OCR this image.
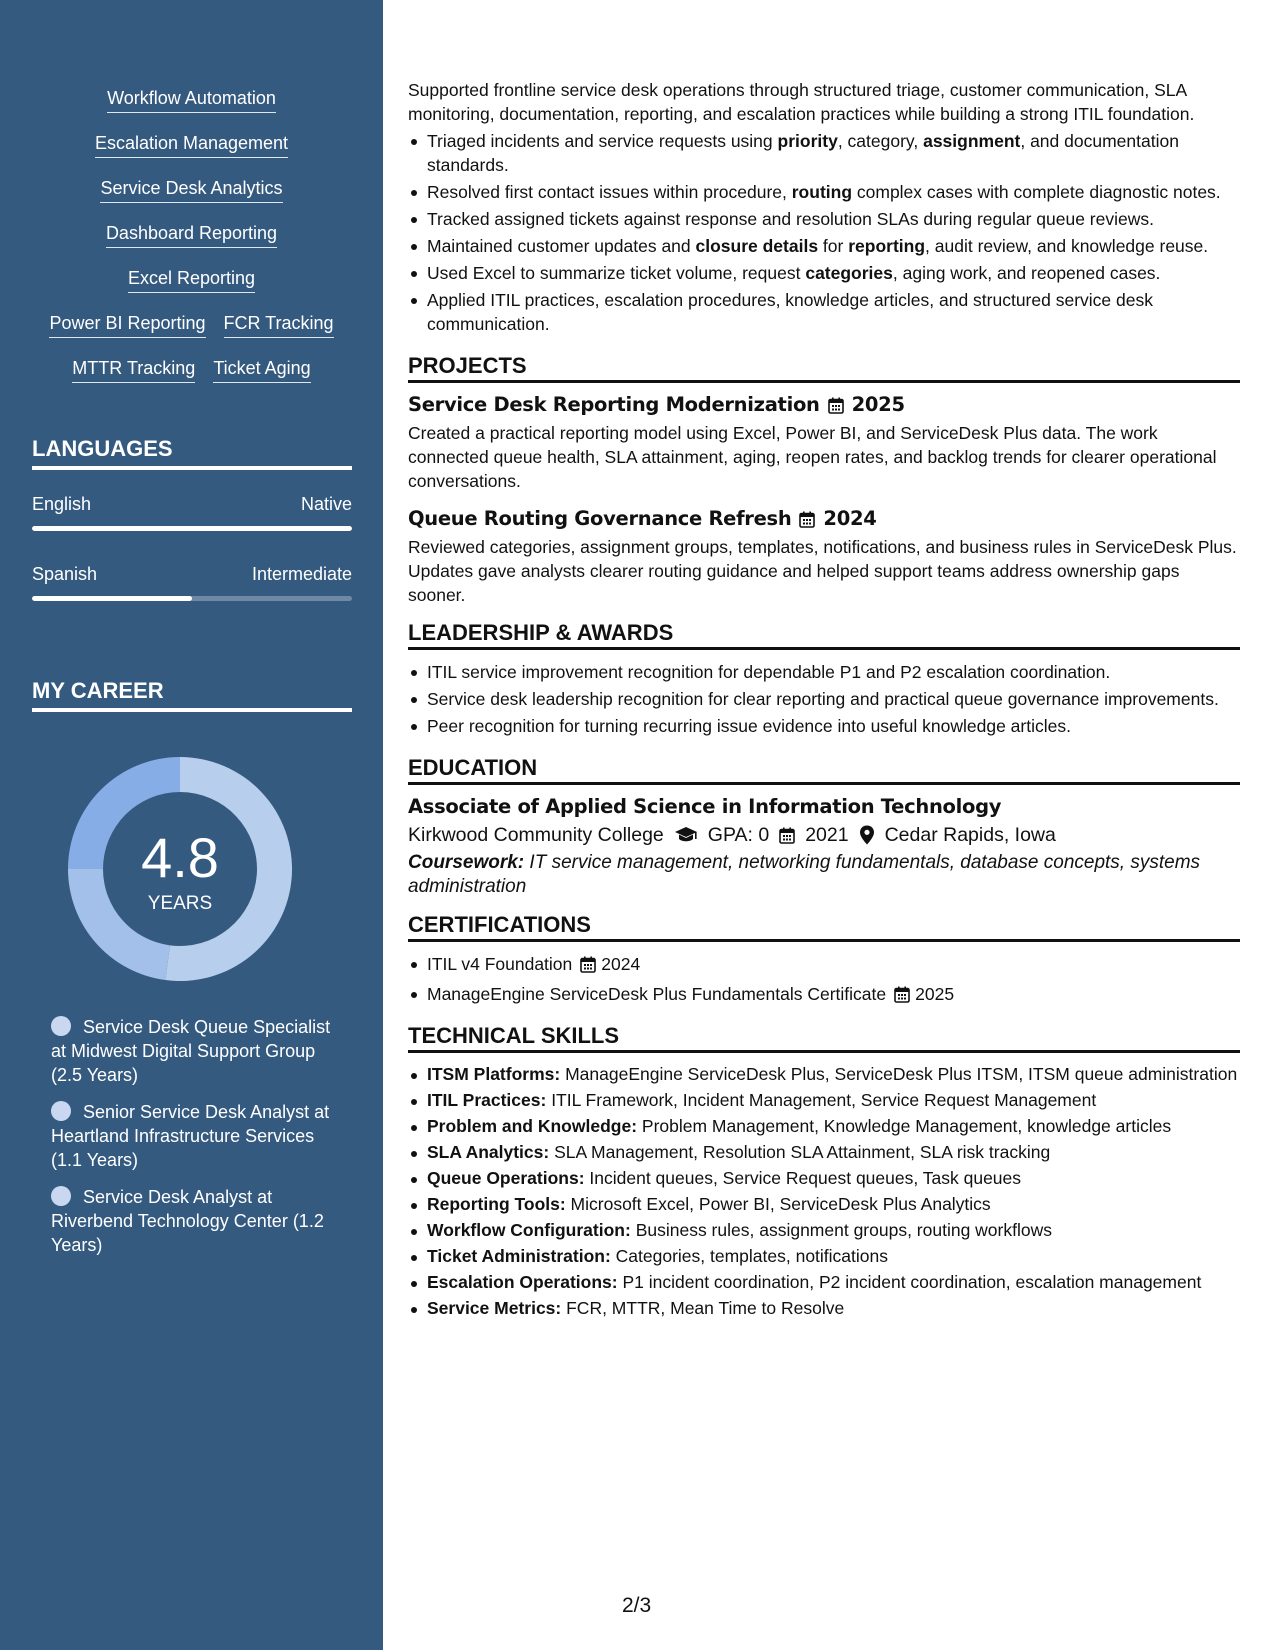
Workflow Automation
Escalation Management
Service Desk Analytics
Dashboard Reporting
Excel Reporting
Power BI Reporting FCR Tracking
MTTR Tracking Ticket Aging
LANGUAGES
English	Native
Spanish	Intermediate
MY CAREER
4.8
YEARS
Service Desk Queue Specialist at Midwest Digital Support Group (2.5 Years)
Senior Service Desk Analyst at Heartland Infrastructure Services (1.1 Years)
Service Desk Analyst at Riverbend Technology Center (1.2 Years)

Supported frontline service desk operations through structured triage, customer communication, SLA monitoring, documentation, reporting, and escalation practices while building a strong ITIL foundation.

Triaged incidents and service requests using priority, category, assignment, and documentation standards.
Resolved first contact issues within procedure, routing complex cases with complete diagnostic notes.
Tracked assigned tickets against response and resolution SLAs during regular queue reviews.
Maintained customer updates and closure details for reporting, audit review, and knowledge reuse.
Used Excel to summarize ticket volume, request categories, aging work, and reopened cases.
Applied ITIL practices, escalation procedures, knowledge articles, and structured service desk communication.
PROJECTS
Service Desk Reporting Modernization 2025

Created a practical reporting model using Excel, Power BI, and ServiceDesk Plus data. The work connected queue health, SLA attainment, aging, reopen rates, and backlog trends for clearer operational conversations.

Queue Routing Governance Refresh 2024

Reviewed categories, assignment groups, templates, notifications, and business rules in ServiceDesk Plus. Updates gave analysts clearer routing guidance and helped support teams address ownership gaps sooner.

LEADERSHIP & AWARDS
ITIL service improvement recognition for dependable P1 and P2 escalation coordination.
Service desk leadership recognition for clear reporting and practical queue governance improvements.
Peer recognition for turning recurring issue evidence into useful knowledge articles.
EDUCATION
Associate of Applied Science in Information Technology
Kirkwood Community College GPA: 0 2021 Cedar Rapids, Iowa
Coursework: IT service management, networking fundamentals, database concepts, systems administration
CERTIFICATIONS
ITIL v4 Foundation 2024
ManageEngine ServiceDesk Plus Fundamentals Certificate 2025
TECHNICAL SKILLS
ITSM Platforms: ManageEngine ServiceDesk Plus, ServiceDesk Plus ITSM, ITSM queue administration
ITIL Practices: ITIL Framework, Incident Management, Service Request Management
Problem and Knowledge: Problem Management, Knowledge Management, knowledge articles
SLA Analytics: SLA Management, Resolution SLA Attainment, SLA risk tracking
Queue Operations: Incident queues, Service Request queues, Task queues
Reporting Tools: Microsoft Excel, Power BI, ServiceDesk Plus Analytics
Workflow Configuration: Business rules, assignment groups, routing workflows
Ticket Administration: Categories, templates, notifications
Escalation Operations: P1 incident coordination, P2 incident coordination, escalation management
Service Metrics: FCR, MTTR, Mean Time to Resolve
2/3
